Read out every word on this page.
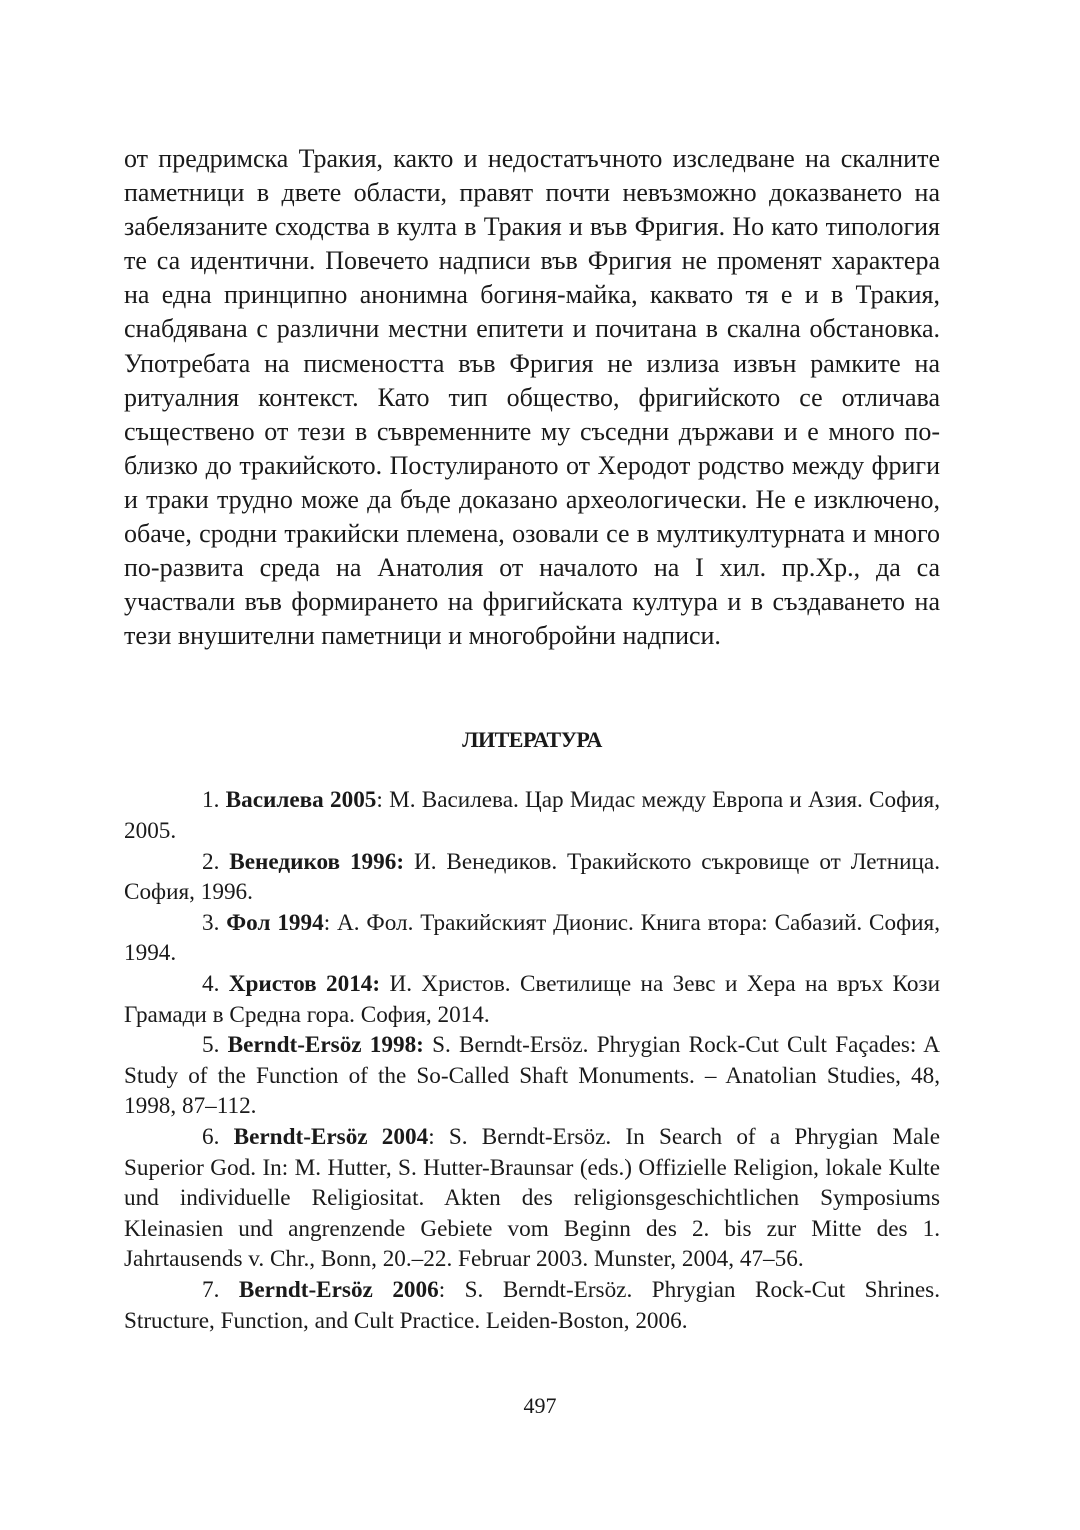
от предримска Тракия, както и недостатъчното изследване на скалните паметници в двете области, правят почти невъзможно доказването на забелязаните сходства в култа в Тракия и във Фригия. Но като типология те са идентични. Повечето надписи във Фригия не променят характера на една принципно анонимна богиня-майка, каквато тя е и в Тракия, снабдявана с различни местни епитети и почитана в скална обстановка. Употребата на писмеността във Фригия не излиза извън рамките на ритуалния контекст. Като тип общество, фригийското се отличава съществено от тези в съвременните му съседни държави и е много по-близко до тракийското. Постулираното от Херодот родство между фриги и траки трудно може да бъде доказано археологически. Не е изключено, обаче, сродни тракийски племена, озовали се в мултикултурната и много по-развита среда на Анатолия от началото на I хил. пр.Хр., да са участвали във формирането на фригийската култура и в създаването на тези внушителни паметници и многобройни надписи.

ЛИТЕРАТУРА
1. Василева 2005: М. Василева. Цар Мидас между Европа и Азия. София, 2005.
2. Венедиков 1996: И. Венедиков. Тракийското съкровище от Летница. София, 1996.
3. Фол 1994: А. Фол. Тракийският Дионис. Книга втора: Сабазий. София, 1994.
4. Христов 2014: И. Христов. Светилище на Зевс и Хера на връх Кози Грамади в Средна гора. София, 2014.
5. Berndt-Ersöz 1998: S. Berndt-Ersöz. Phrygian Rock-Cut Cult Façades: A Study of the Function of the So-Called Shaft Monuments. – Anatolian Studies, 48, 1998, 87–112.
6. Berndt-Ersöz 2004: S. Berndt-Ersöz. In Search of a Phrygian Male Superior God. In: M. Hutter, S. Hutter-Braunsar (eds.) Offizielle Religion, lokale Kulte und individuelle Religiositat. Akten des religionsgeschichtlichen Symposiums Kleinasien und angrenzende Gebiete vom Beginn des 2. bis zur Mitte des 1. Jahrtausends v. Chr., Bonn, 20.–22. Februar 2003. Munster, 2004, 47–56.
7. Berndt-Ersöz 2006: S. Berndt-Ersöz. Phrygian Rock-Cut Shrines. Structure, Function, and Cult Practice. Leiden-Boston, 2006.
497
